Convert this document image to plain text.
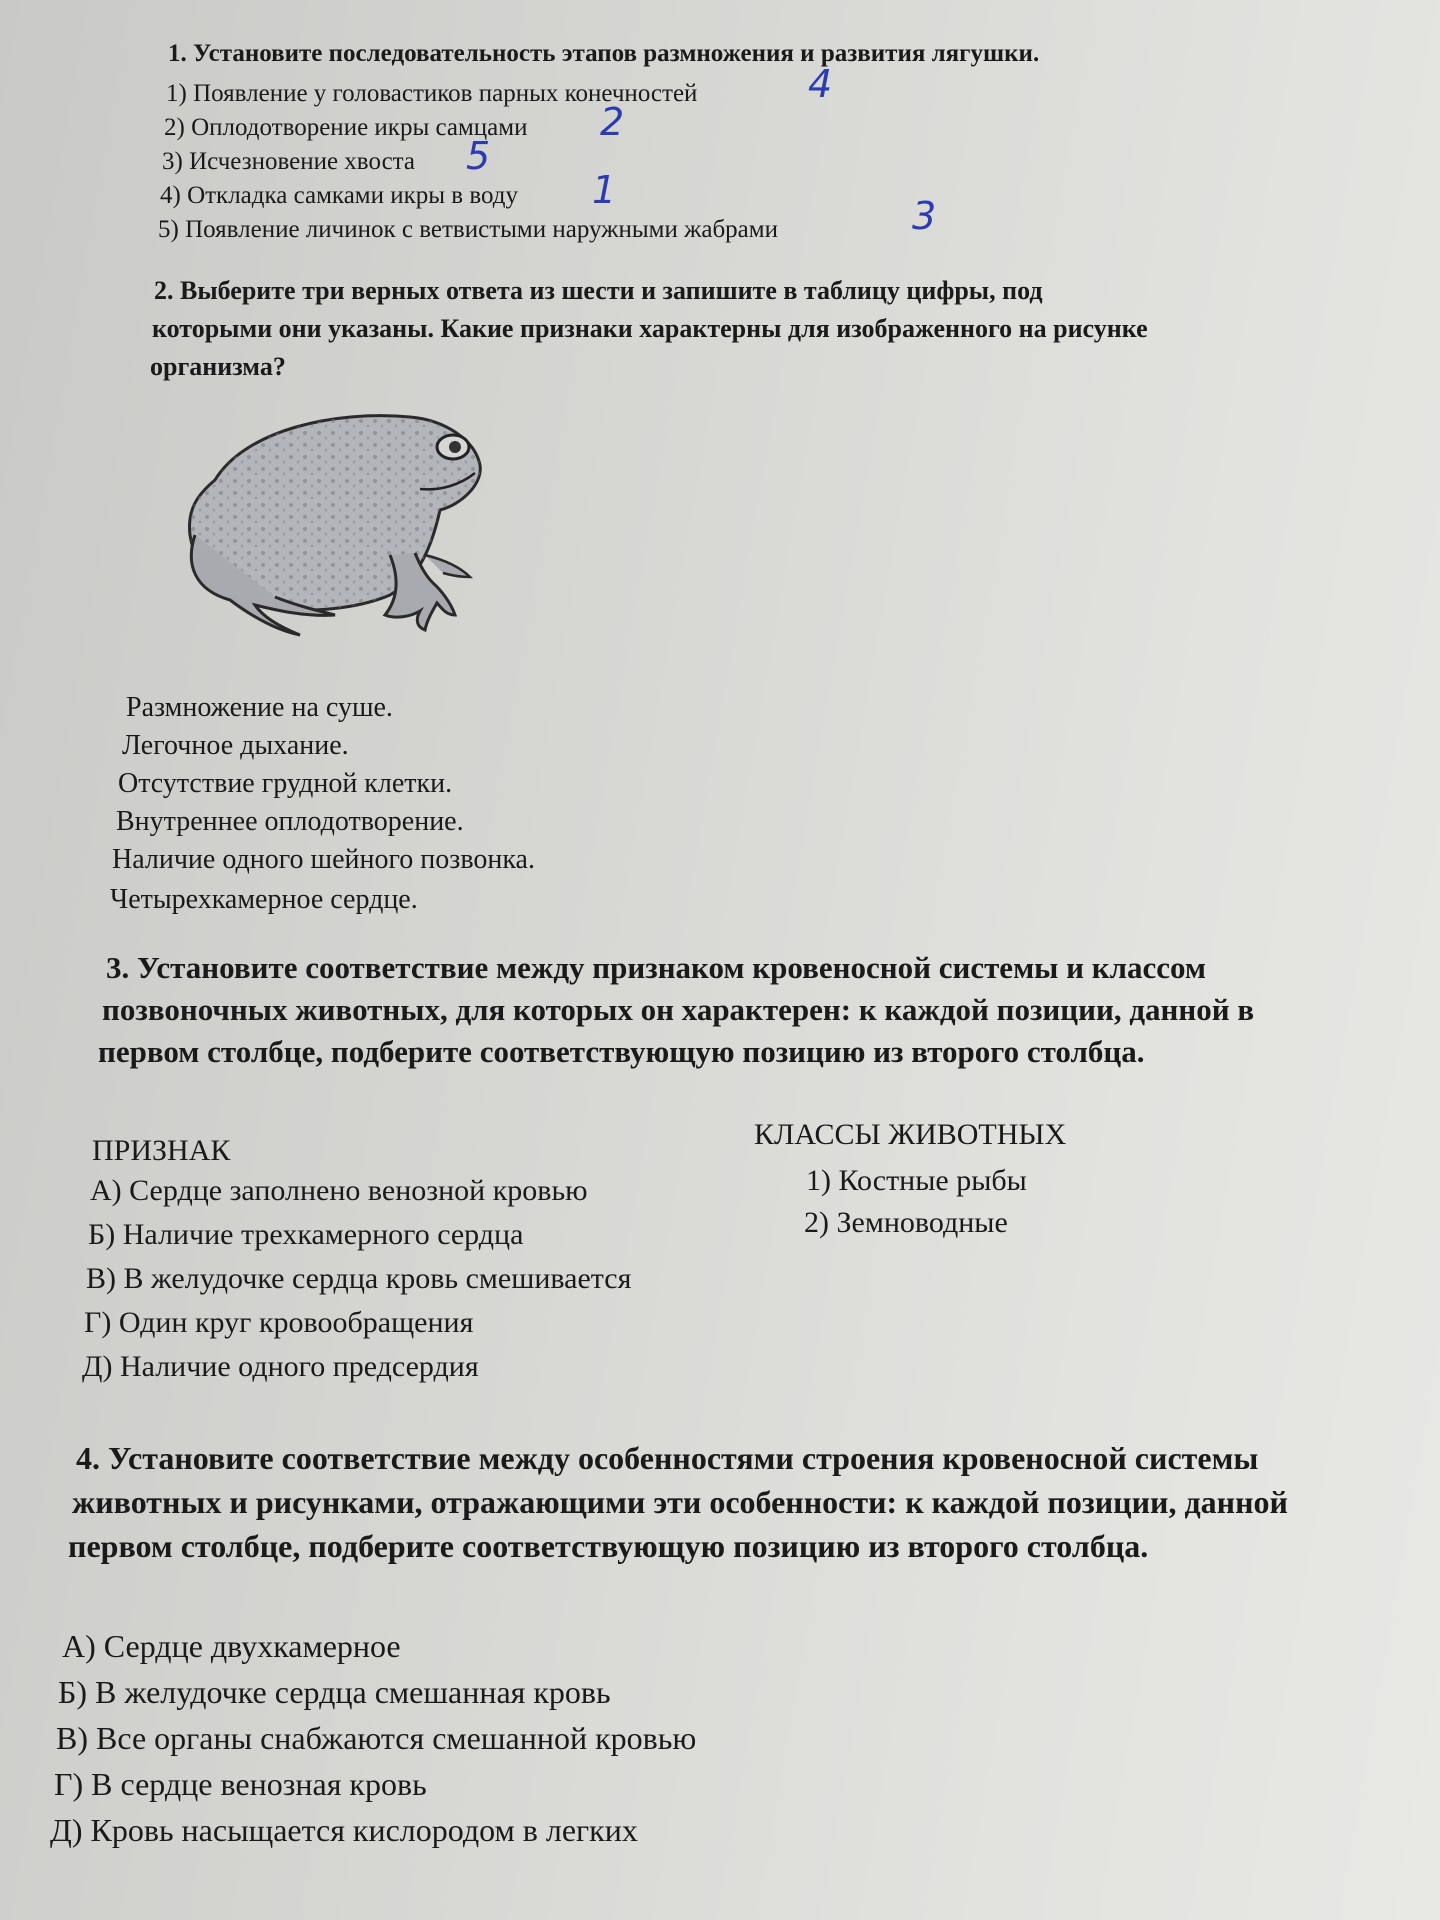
1. Установите последовательность этапов размножения и развития лягушки.

1) Появление у головастиков парных конечностей

2) Оплодотворение икры самцами

3) Исчезновение хвоста

4) Откладка самками икры в воду

5) Появление личинок с ветвистыми наружными жабрами

4
2
5
1
3

2. Выберите три верных ответа из шести и запишите в таблицу цифры, под

которыми они указаны. Какие признаки характерны для изображенного на рисунке

организма?

Размножение на суше.

Легочное дыхание.

Отсутствие грудной клетки.

Внутреннее оплодотворение.

Наличие одного шейного позвонка.

Четырехкамерное сердце.

3. Установите соответствие между признаком кровеносной системы и классом

позвоночных животных, для которых он характерен: к каждой позиции, данной в

первом столбце, подберите соответствующую позицию из второго столбца.

ПРИЗНАК	КЛАССЫ ЖИВОТНЫХ

А) Сердце заполнено венозной кровью

Б) Наличие трехкамерного сердца

В) В желудочке сердца кровь смешивается

Г) Один круг кровообращения

Д) Наличие одного предсердия

1) Костные рыбы

2) Земноводные

4. Установите соответствие между особенностями строения кровеносной системы

животных и рисунками, отражающими эти особенности: к каждой позиции, данной

первом столбце, подберите соответствующую позицию из второго столбца.

А) Сердце двухкамерное

Б) В желудочке сердца смешанная кровь

В) Все органы снабжаются смешанной кровью

Г) В сердце венозная кровь

Д) Кровь насыщается кислородом в легких
